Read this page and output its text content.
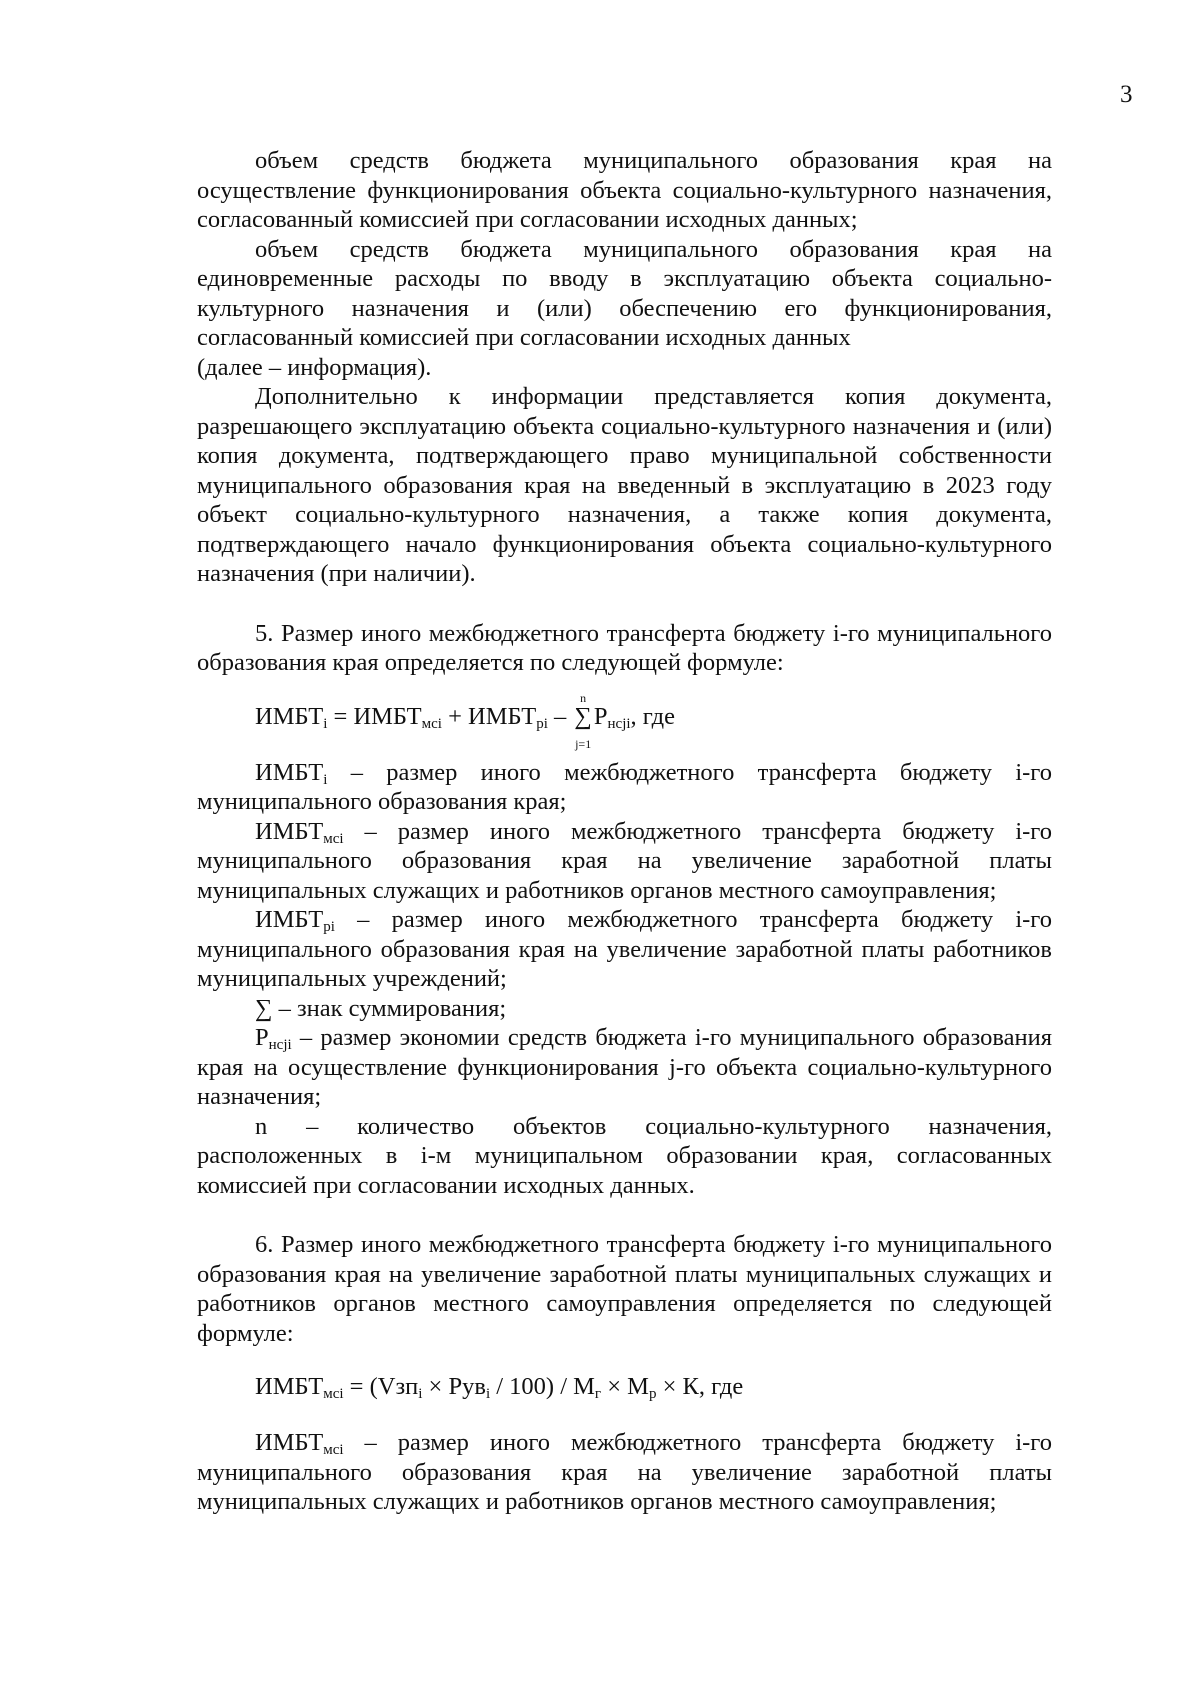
3

объем средств бюджета муниципального образования края на осуществление функционирования объекта социально-культурного назначения, согласованный комиссией при согласовании исходных данных;

объем средств бюджета муниципального образования края на единовременные расходы по вводу в эксплуатацию объекта социально-культурного назначения и (или) обеспечению его функционирования, согласованный комиссией при согласовании исходных данных

(далее – информация).

Дополнительно к информации представляется копия документа, разрешающего эксплуатацию объекта социально-культурного назначения и (или) копия документа, подтверждающего право муниципальной собственности муниципального образования края на введенный в эксплуатацию в 2023 году объект социально-культурного назначения, а также копия документа, подтверждающего начало функционирования объекта социально-культурного назначения (при наличии).

5. Размер иного межбюджетного трансферта бюджету i-го муниципального образования края определяется по следующей формуле:

$ИМБТ_i$ = $ИМБТ_{мсi}$ + $ИМБТ_{рi}$ –
n
∑
j=1
$Р_{нсji}$, где

$ИМБТ_i$ – размер иного межбюджетного трансферта бюджету i-го муниципального образования края;

$ИМБТ_{мсi}$ – размер иного межбюджетного трансферта бюджету i-го муниципального образования края на увеличение заработной платы муниципальных служащих и работников органов местного самоуправления;

$ИМБТ_{рi}$ – размер иного межбюджетного трансферта бюджету i-го муниципального образования края на увеличение заработной платы работников муниципальных учреждений;

∑ – знак суммирования;

$Р_{нсji}$ – размер экономии средств бюджета i-го муниципального образования края на осуществление функционирования j-го объекта социально-культурного назначения;

n – количество объектов социально-культурного назначения, расположенных в i-м муниципальном образовании края, согласованных комиссией при согласовании исходных данных.

6. Размер иного межбюджетного трансферта бюджету i-го муниципального образования края на увеличение заработной платы муниципальных служащих и работников органов местного самоуправления определяется по следующей формуле:

$ИМБТ_{мсi} = (Vзп_i \times Рув_i / 100) / М_г \times М_р \times К$, где

$ИМБТ_{мсi}$ – размер иного межбюджетного трансферта бюджету i-го муниципального образования края на увеличение заработной платы муниципальных служащих и работников органов местного самоуправления;
